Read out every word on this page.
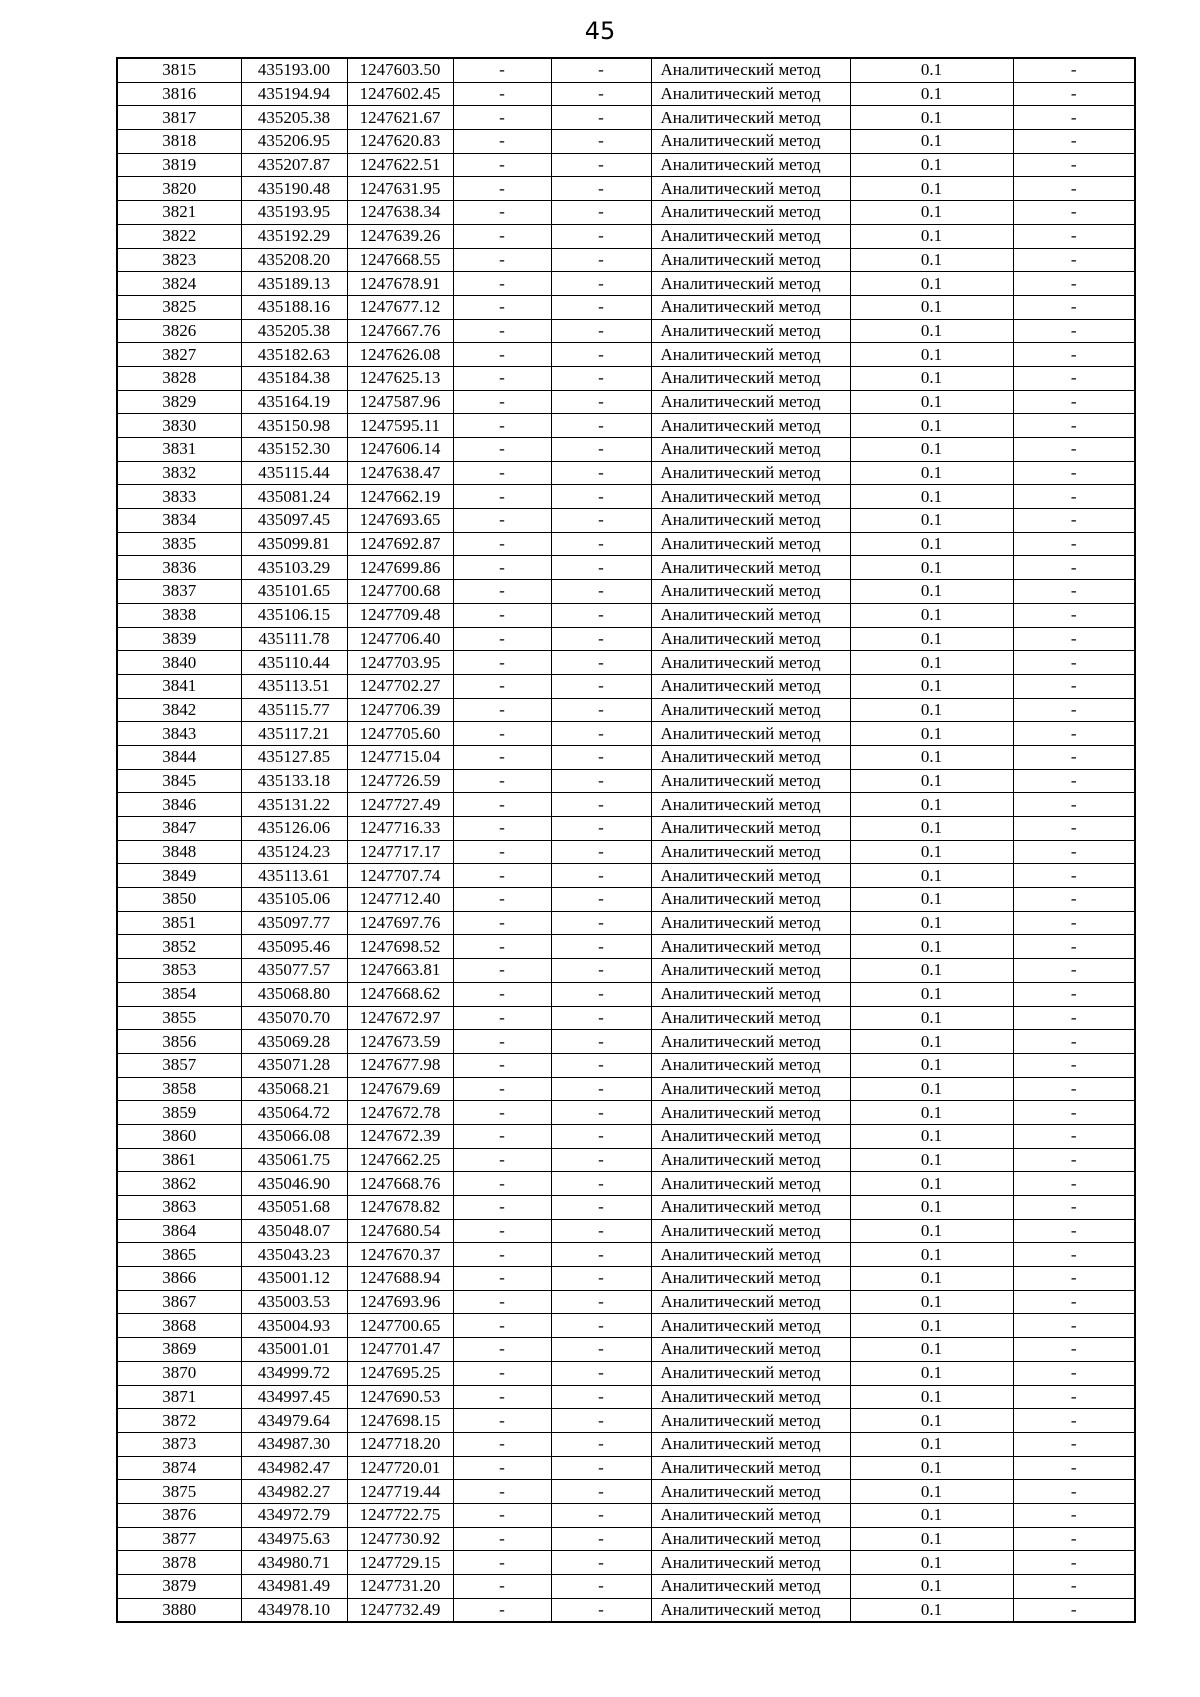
45
3815	435193.00	1247603.50	-	-	Аналитический метод	0.1	-
3816	435194.94	1247602.45	-	-	Аналитический метод	0.1	-
3817	435205.38	1247621.67	-	-	Аналитический метод	0.1	-
3818	435206.95	1247620.83	-	-	Аналитический метод	0.1	-
3819	435207.87	1247622.51	-	-	Аналитический метод	0.1	-
3820	435190.48	1247631.95	-	-	Аналитический метод	0.1	-
3821	435193.95	1247638.34	-	-	Аналитический метод	0.1	-
3822	435192.29	1247639.26	-	-	Аналитический метод	0.1	-
3823	435208.20	1247668.55	-	-	Аналитический метод	0.1	-
3824	435189.13	1247678.91	-	-	Аналитический метод	0.1	-
3825	435188.16	1247677.12	-	-	Аналитический метод	0.1	-
3826	435205.38	1247667.76	-	-	Аналитический метод	0.1	-
3827	435182.63	1247626.08	-	-	Аналитический метод	0.1	-
3828	435184.38	1247625.13	-	-	Аналитический метод	0.1	-
3829	435164.19	1247587.96	-	-	Аналитический метод	0.1	-
3830	435150.98	1247595.11	-	-	Аналитический метод	0.1	-
3831	435152.30	1247606.14	-	-	Аналитический метод	0.1	-
3832	435115.44	1247638.47	-	-	Аналитический метод	0.1	-
3833	435081.24	1247662.19	-	-	Аналитический метод	0.1	-
3834	435097.45	1247693.65	-	-	Аналитический метод	0.1	-
3835	435099.81	1247692.87	-	-	Аналитический метод	0.1	-
3836	435103.29	1247699.86	-	-	Аналитический метод	0.1	-
3837	435101.65	1247700.68	-	-	Аналитический метод	0.1	-
3838	435106.15	1247709.48	-	-	Аналитический метод	0.1	-
3839	435111.78	1247706.40	-	-	Аналитический метод	0.1	-
3840	435110.44	1247703.95	-	-	Аналитический метод	0.1	-
3841	435113.51	1247702.27	-	-	Аналитический метод	0.1	-
3842	435115.77	1247706.39	-	-	Аналитический метод	0.1	-
3843	435117.21	1247705.60	-	-	Аналитический метод	0.1	-
3844	435127.85	1247715.04	-	-	Аналитический метод	0.1	-
3845	435133.18	1247726.59	-	-	Аналитический метод	0.1	-
3846	435131.22	1247727.49	-	-	Аналитический метод	0.1	-
3847	435126.06	1247716.33	-	-	Аналитический метод	0.1	-
3848	435124.23	1247717.17	-	-	Аналитический метод	0.1	-
3849	435113.61	1247707.74	-	-	Аналитический метод	0.1	-
3850	435105.06	1247712.40	-	-	Аналитический метод	0.1	-
3851	435097.77	1247697.76	-	-	Аналитический метод	0.1	-
3852	435095.46	1247698.52	-	-	Аналитический метод	0.1	-
3853	435077.57	1247663.81	-	-	Аналитический метод	0.1	-
3854	435068.80	1247668.62	-	-	Аналитический метод	0.1	-
3855	435070.70	1247672.97	-	-	Аналитический метод	0.1	-
3856	435069.28	1247673.59	-	-	Аналитический метод	0.1	-
3857	435071.28	1247677.98	-	-	Аналитический метод	0.1	-
3858	435068.21	1247679.69	-	-	Аналитический метод	0.1	-
3859	435064.72	1247672.78	-	-	Аналитический метод	0.1	-
3860	435066.08	1247672.39	-	-	Аналитический метод	0.1	-
3861	435061.75	1247662.25	-	-	Аналитический метод	0.1	-
3862	435046.90	1247668.76	-	-	Аналитический метод	0.1	-
3863	435051.68	1247678.82	-	-	Аналитический метод	0.1	-
3864	435048.07	1247680.54	-	-	Аналитический метод	0.1	-
3865	435043.23	1247670.37	-	-	Аналитический метод	0.1	-
3866	435001.12	1247688.94	-	-	Аналитический метод	0.1	-
3867	435003.53	1247693.96	-	-	Аналитический метод	0.1	-
3868	435004.93	1247700.65	-	-	Аналитический метод	0.1	-
3869	435001.01	1247701.47	-	-	Аналитический метод	0.1	-
3870	434999.72	1247695.25	-	-	Аналитический метод	0.1	-
3871	434997.45	1247690.53	-	-	Аналитический метод	0.1	-
3872	434979.64	1247698.15	-	-	Аналитический метод	0.1	-
3873	434987.30	1247718.20	-	-	Аналитический метод	0.1	-
3874	434982.47	1247720.01	-	-	Аналитический метод	0.1	-
3875	434982.27	1247719.44	-	-	Аналитический метод	0.1	-
3876	434972.79	1247722.75	-	-	Аналитический метод	0.1	-
3877	434975.63	1247730.92	-	-	Аналитический метод	0.1	-
3878	434980.71	1247729.15	-	-	Аналитический метод	0.1	-
3879	434981.49	1247731.20	-	-	Аналитический метод	0.1	-
3880	434978.10	1247732.49	-	-	Аналитический метод	0.1	-
